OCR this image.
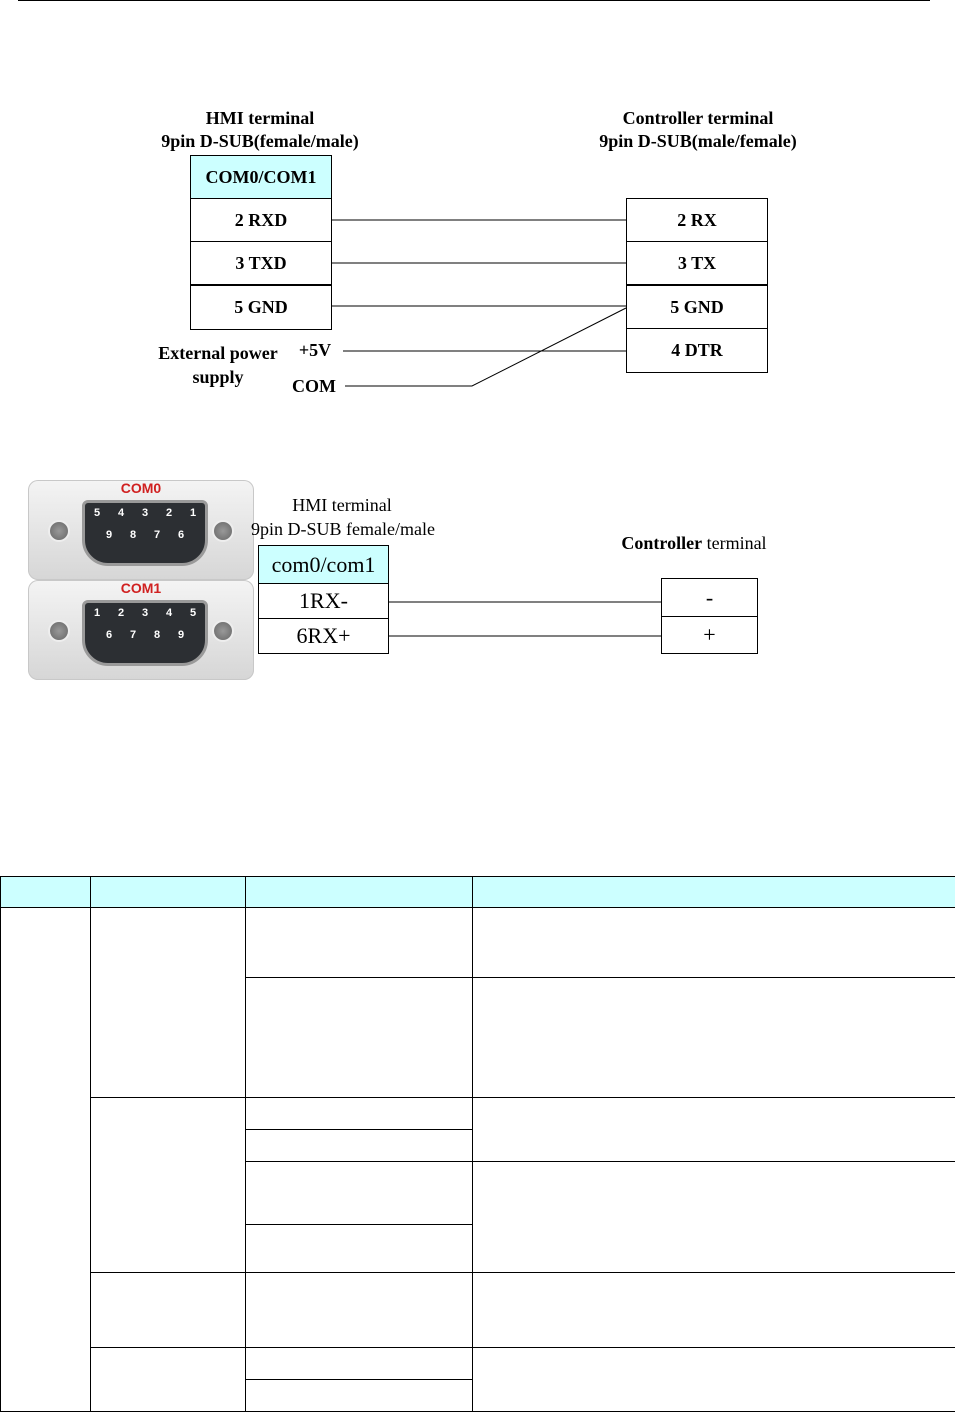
HMI terminal
9pin D-SUB(female/male)
Controller terminal
9pin D-SUB(male/female)
COM0/COM1
2 RXD
3 TXD
5 GND
2 RX
3 TX
5 GND
4 DTR
External power
supply
+5V
COM
COM0
5 4 3 2 1
9 8 7 6
COM1
1 2 3 4 5
6 7 8 9
HMI terminal
9pin D-SUB female/male
Controller terminal
com0/com1
1RX-
6RX+
-
+
